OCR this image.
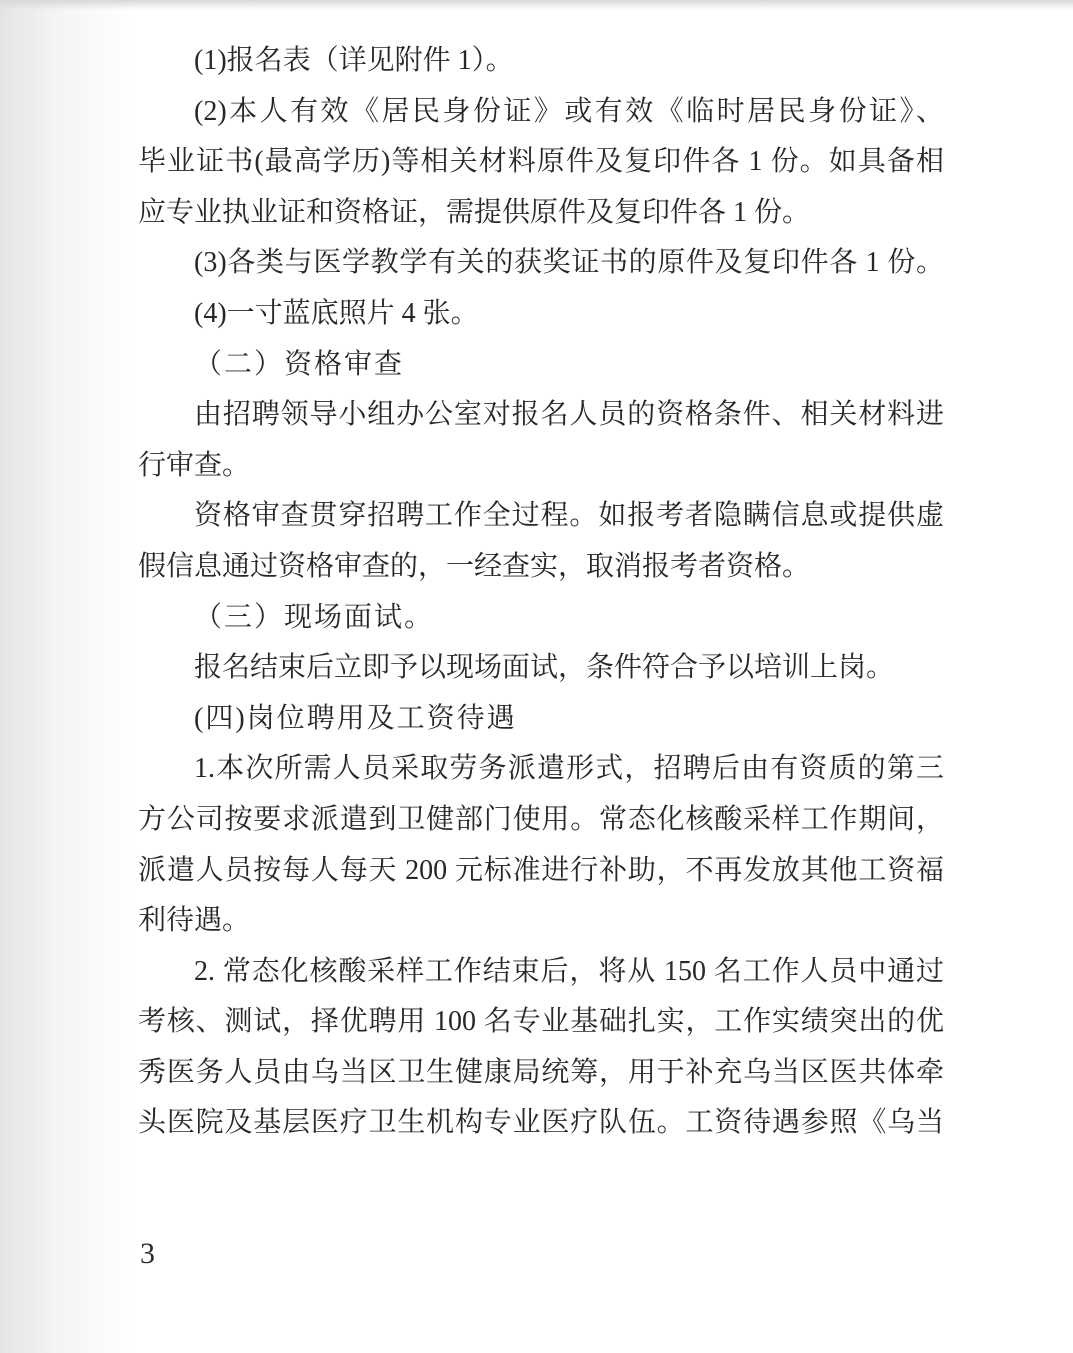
(1)报名表（详见附件 1）。
(2)本人有效《居民身份证》或有效《临时居民身份证》、
毕业证书(最高学历)等相关材料原件及复印件各 1 份。如具备相
应专业执业证和资格证，需提供原件及复印件各 1 份。
(3)各类与医学教学有关的获奖证书的原件及复印件各 1 份。
(4)一寸蓝底照片 4 张。
（二）资格审查
由招聘领导小组办公室对报名人员的资格条件、相关材料进
行审查。
资格审查贯穿招聘工作全过程。如报考者隐瞒信息或提供虚
假信息通过资格审查的，一经查实，取消报考者资格。
（三）现场面试。
报名结束后立即予以现场面试，条件符合予以培训上岗。
(四)岗位聘用及工资待遇
1.本次所需人员采取劳务派遣形式，招聘后由有资质的第三
方公司按要求派遣到卫健部门使用。常态化核酸采样工作期间，
派遣人员按每人每天 200 元标准进行补助，不再发放其他工资福
利待遇。
2. 常态化核酸采样工作结束后，将从 150 名工作人员中通过
考核、测试，择优聘用 100 名专业基础扎实，工作实绩突出的优
秀医务人员由乌当区卫生健康局统筹，用于补充乌当区医共体牵
头医院及基层医疗卫生机构专业医疗队伍。工资待遇参照《乌当
3
